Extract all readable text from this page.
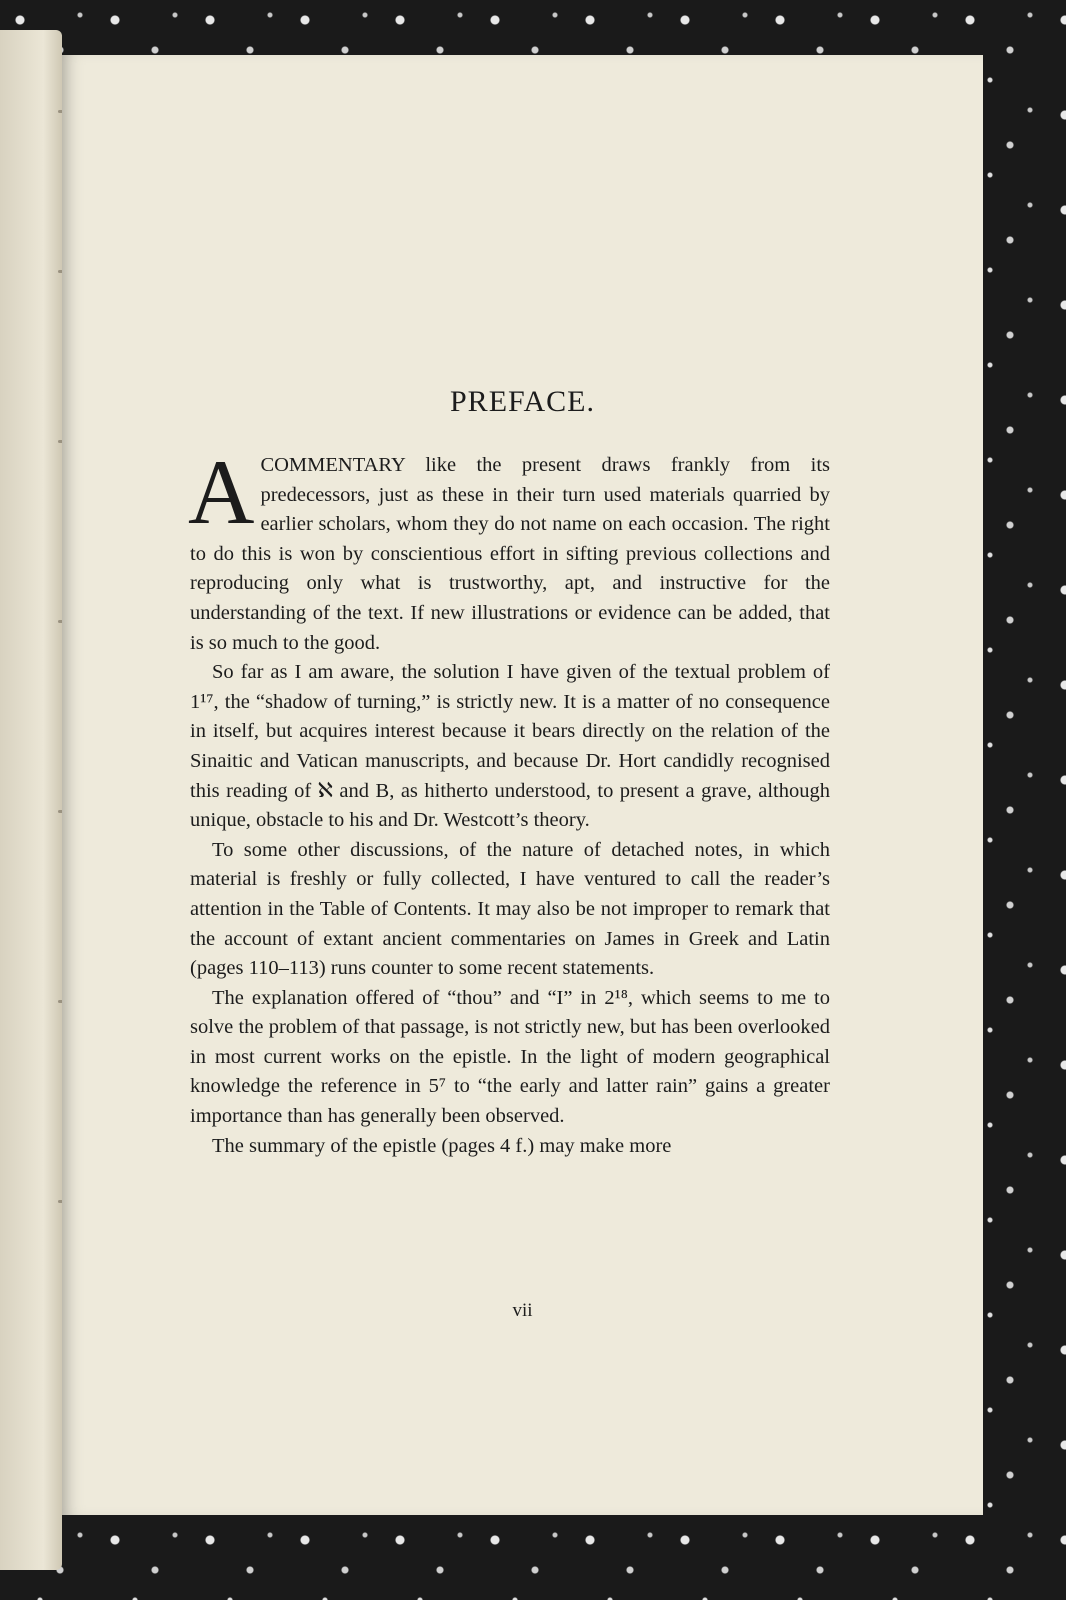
PREFACE.

A COMMENTARY like the present draws frankly from its predecessors, just as these in their turn used materials quarried by earlier scholars, whom they do not name on each occasion. The right to do this is won by conscientious effort in sifting previous collections and reproducing only what is trustworthy, apt, and instructive for the understanding of the text. If new illustrations or evidence can be added, that is so much to the good.

So far as I am aware, the solution I have given of the textual problem of 1¹⁷, the “shadow of turning,” is strictly new. It is a matter of no consequence in itself, but acquires interest because it bears directly on the relation of the Sinaitic and Vatican manuscripts, and because Dr. Hort candidly recognised this reading of ℵ and B, as hitherto understood, to present a grave, although unique, obstacle to his and Dr. Westcott’s theory.

To some other discussions, of the nature of detached notes, in which material is freshly or fully collected, I have ventured to call the reader’s attention in the Table of Contents. It may also be not improper to remark that the account of extant ancient commentaries on James in Greek and Latin (pages 110–113) runs counter to some recent statements.

The explanation offered of “thou” and “I” in 2¹⁸, which seems to me to solve the problem of that passage, is not strictly new, but has been overlooked in most current works on the epistle. In the light of modern geographical knowledge the reference in 5⁷ to “the early and latter rain” gains a greater importance than has generally been observed.

The summary of the epistle (pages 4 f.) may make more

vii
